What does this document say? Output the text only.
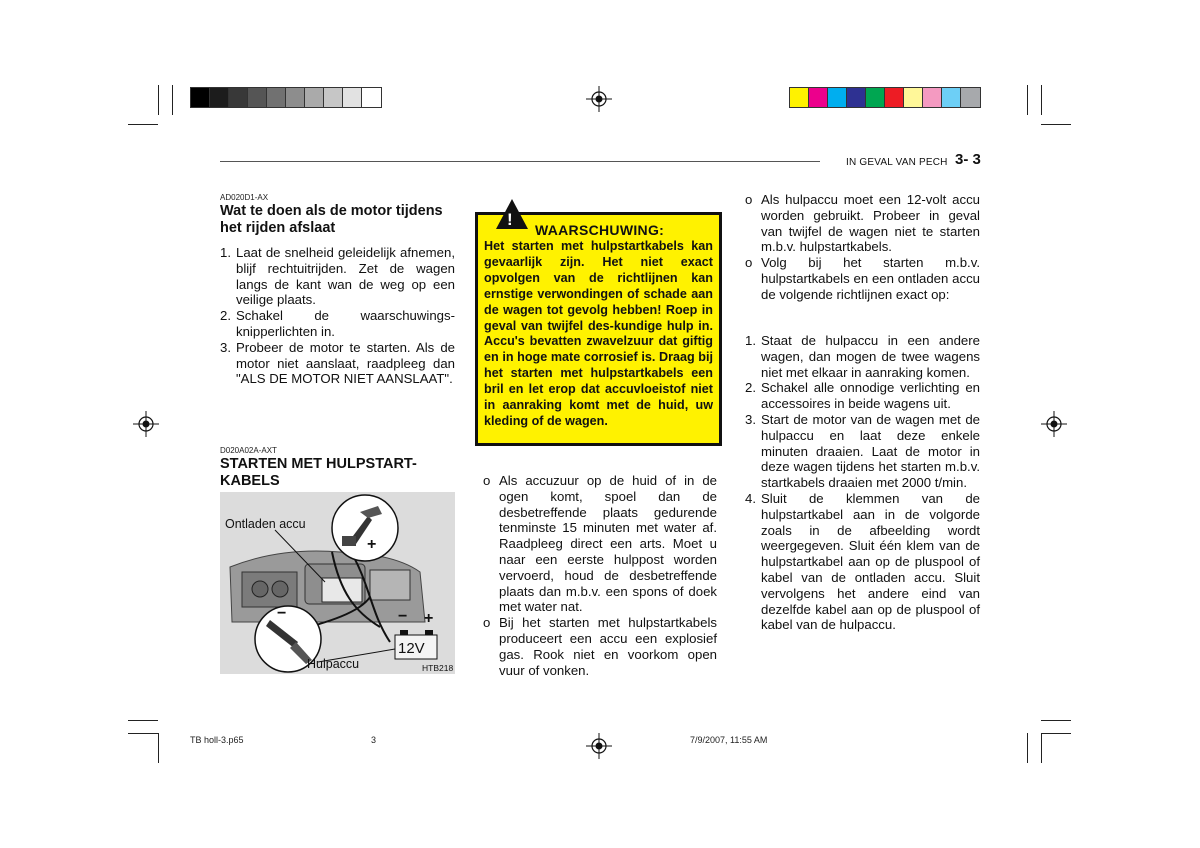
IN GEVAL VAN PECH 3- 3
AD020D1-AX
Wat te doen als de motor tijdens het rijden afslaat
1. Laat de snelheid geleidelijk afnemen, blijf rechtuitrijden. Zet de wagen langs de kant wan de weg op een veilige plaats.
2. Schakel de waarschuwings-knipperlichten in.
3. Probeer de motor te starten. Als de motor niet aanslaat, raadpleeg dan "ALS DE MOTOR NIET AANSLAAT".
D020A02A-AXT
STARTEN MET HULPSTART-KABELS
Ontladen accu
Hulpaccu
+
−	− +
12V
HTB218
!
WAARSCHUWING:
Het starten met hulpstartkabels kan gevaarlijk zijn. Het niet exact opvolgen van de richtlijnen kan ernstige verwondingen of schade aan de wagen tot gevolg hebben! Roep in geval van twijfel des-kundige hulp in. Accu's bevatten zwavelzuur dat giftig en in hoge mate corrosief is. Draag bij het starten met hulpstartkabels een bril en let erop dat accuvloeistof niet in aanraking komt met de huid, uw kleding of de wagen.
o Als accuzuur op de huid of in de ogen komt, spoel dan de desbetreffende plaats gedurende tenminste 15 minuten met water af. Raadpleeg direct een arts. Moet u naar een eerste hulppost worden vervoerd, houd de desbetreffende plaats dan m.b.v. een spons of doek met water nat.
o Bij het starten met hulpstartkabels produceert een accu een explosief gas. Rook niet en voorkom open vuur of vonken.
o Als hulpaccu moet een 12-volt accu worden gebruikt. Probeer in geval van twijfel de wagen niet te starten m.b.v. hulpstartkabels.
o Volg bij het starten m.b.v. hulpstartkabels en een ontladen accu de volgende richtlijnen exact op:
1. Staat de hulpaccu in een andere wagen, dan mogen de twee wagens niet met elkaar in aanraking komen.
2. Schakel alle onnodige verlichting en accessoires in beide wagens uit.
3. Start de motor van de wagen met de hulpaccu en laat deze enkele minuten draaien. Laat de motor in deze wagen tijdens het starten m.b.v. startkabels draaien met 2000 t/min.
4. Sluit de klemmen van de hulpstartkabel aan in de volgorde zoals in de afbeelding wordt weergegeven. Sluit één klem van de hulpstartkabel aan op de pluspool of kabel van de ontladen accu. Sluit vervolgens het andere eind van dezelfde kabel aan op de pluspool of kabel van de hulpaccu.
TB holl-3.p65	3	7/9/2007, 11:55 AM
